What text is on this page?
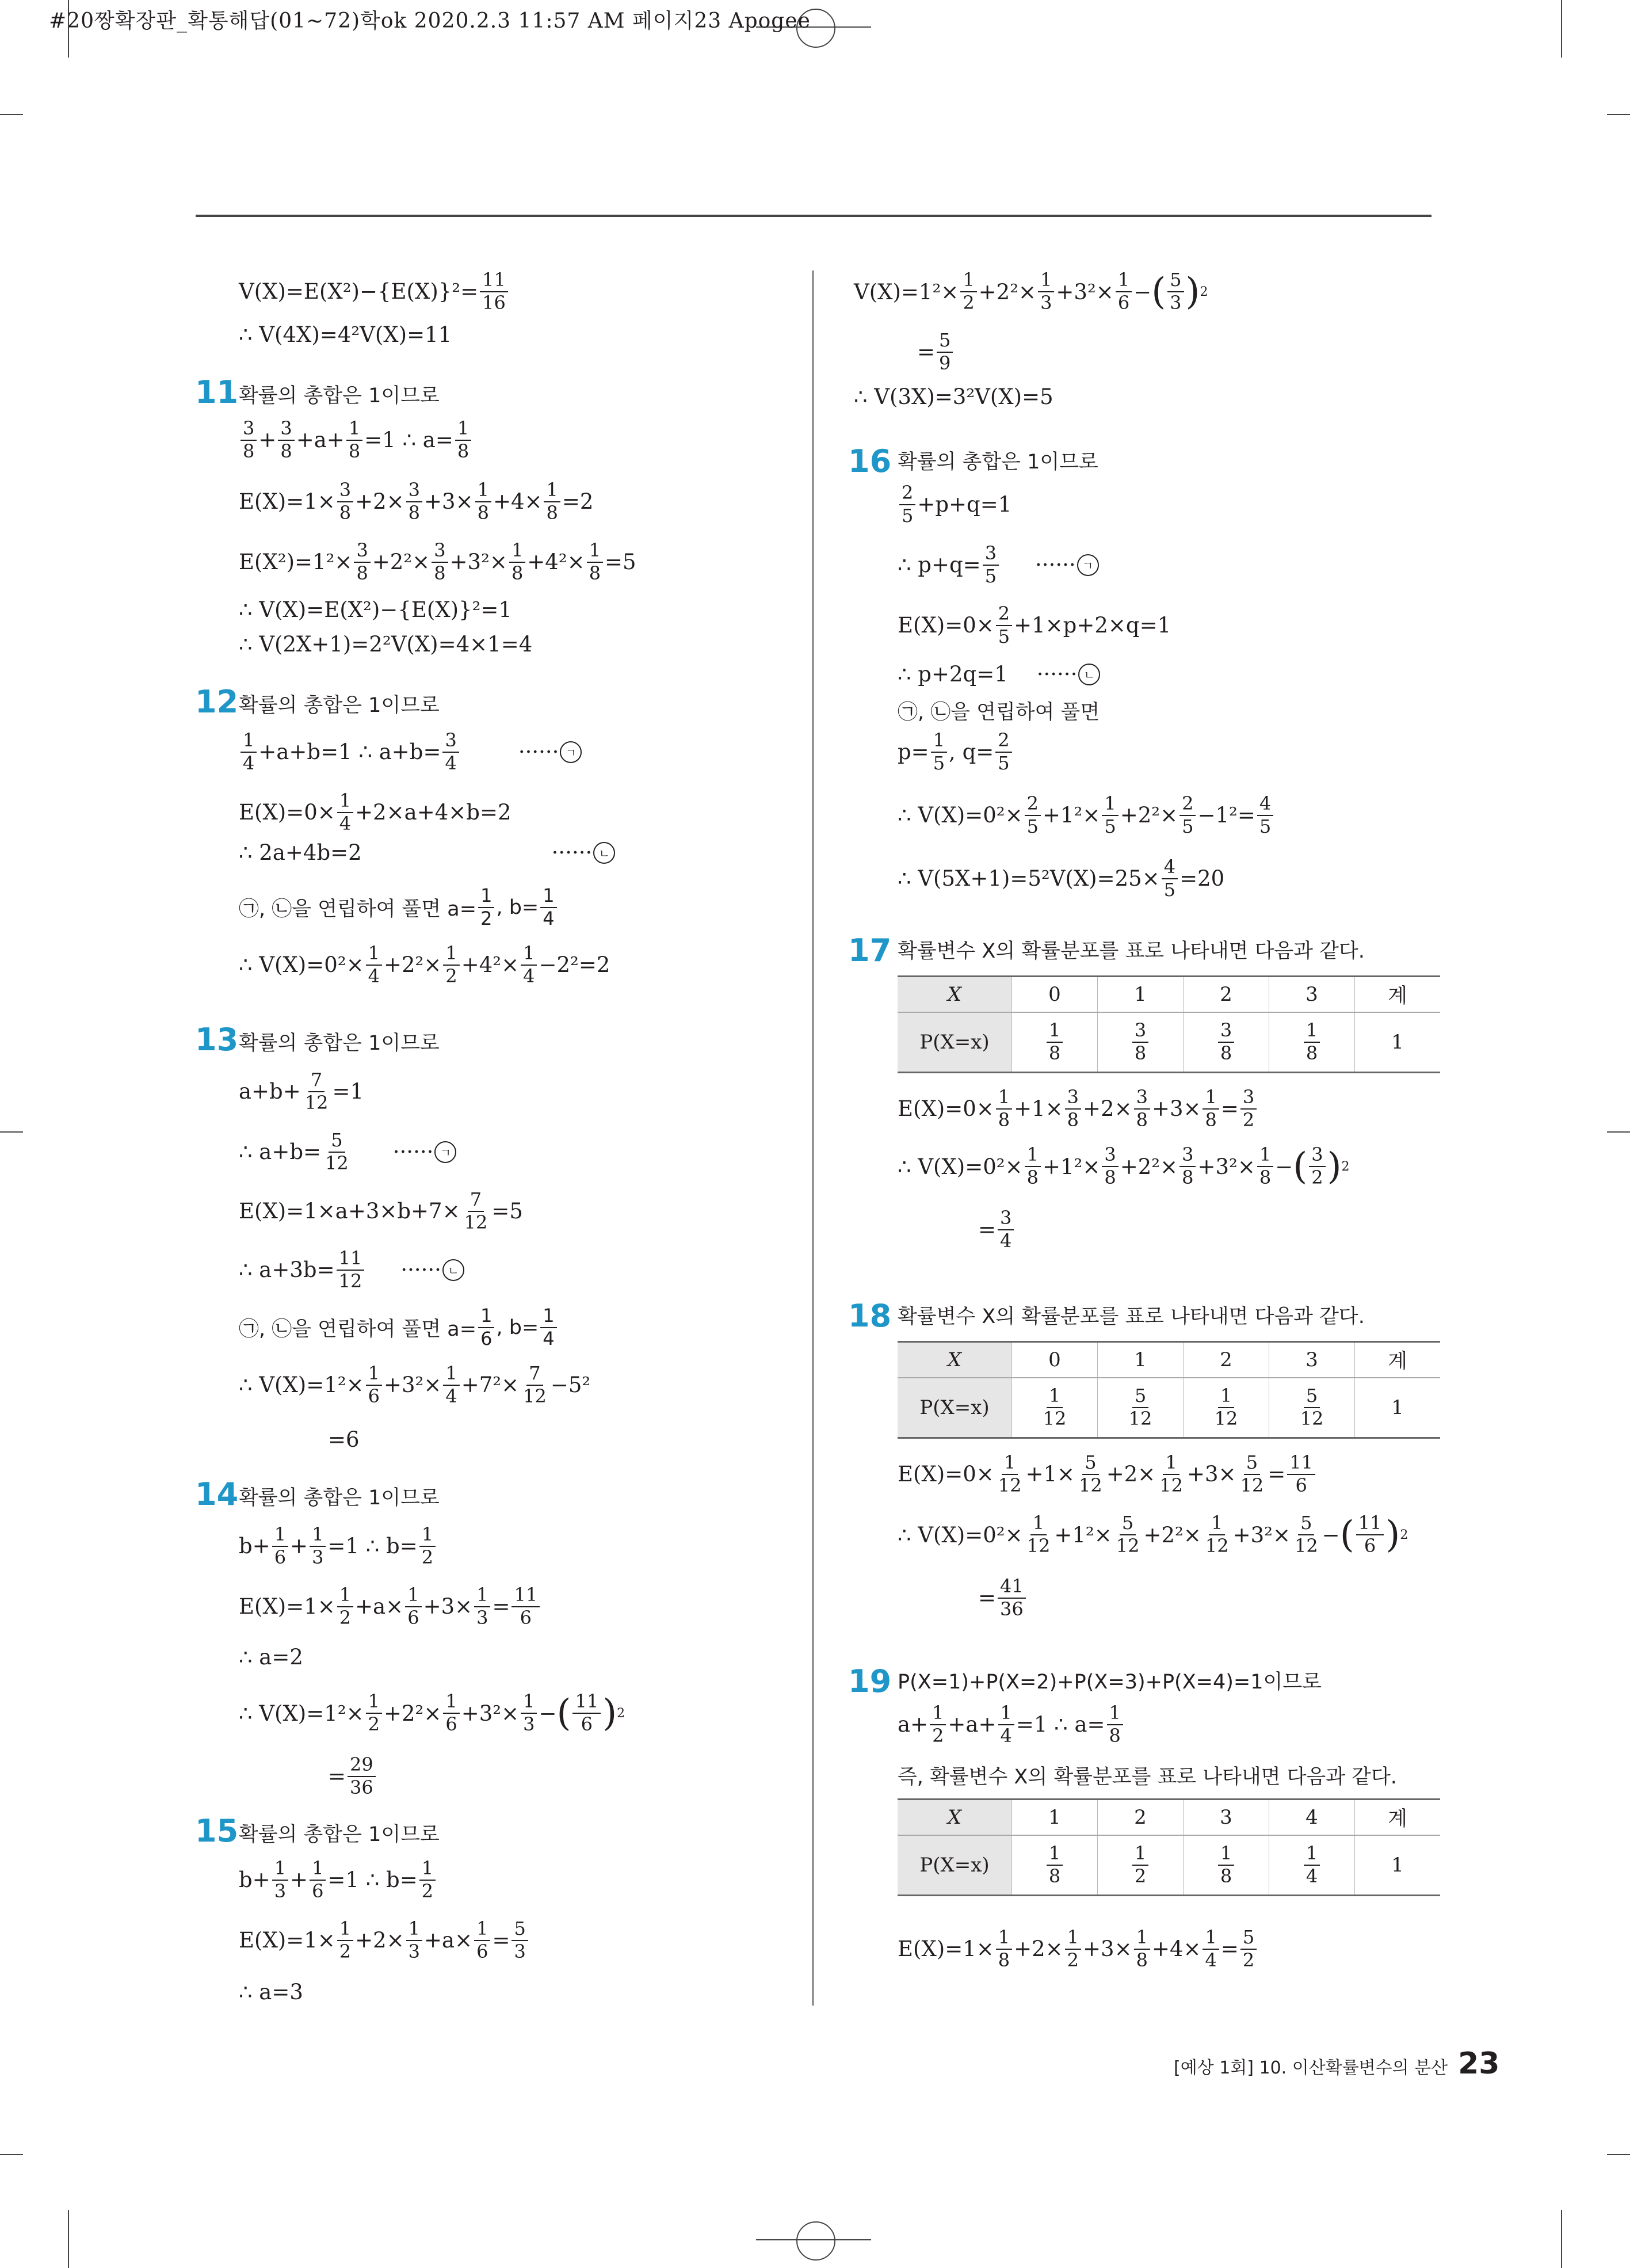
#20짱확장판_확통해답(01~72)학ok 2020.2.3 11:57 AM 페이지23 Apogee
$V(X)=E(X^2)-\{E(X)\}^2= \frac{11}{16}$
∴ V(4X)=4²V(X)=11
11 확률의 총합은 1이므로
3
8 + 3
$8 +a+ \frac{1}{8} =1$ ∴ $a= \frac{1}{8}$
$E(X)=1\times \frac{3}{8} +2\times 3$
8 +3× 1
8 +4× 1
8 =2
$E(X^2)=1^2\times \frac{3}{8} +2^2\times 3$
8 +3²× 1
$8 +4^2\times \frac{1}{8} =5$
∴ V(X)=E(X²)−{E(X)}²=1
∴ V(2X+1)=2²V(X)=4×1=4
12 확률의 총합은 1이므로
1
4 +a+b=1 ∴ $a+b= \frac{3}{4}$	······ ㄱ
$E(X)=0\times \frac{1}{4} +2\times a+4\times b=2$
∴ 2a+4b=2	······ ㄴ
㉠, ㉡을 연립하여 풀면 $a= \frac{1}{2}$ , b=
1
4
∴ $V(X)=0^2\times \frac{1}{4} +2^2\times 1$
2 +4²× 1
4 −2²=2
13 확률의 총합은 1이므로
$a+b+ \frac{7}{12} =1$
∴ $a+b= \frac{5}{12}$ ······ ㄱ
$E(X)=1\times a+3\times b+7\times \frac{7}{12} =5$
∴ $a+3b= \frac{11}{12}$ ······ ㄴ
㉠, ㉡을 연립하여 풀면 $a= \frac{1}{6}$ , b=
1
4
∴ $V(X)=1^2\times \frac{1}{6} +3^2\times 1$
4 +7²× 7
12 −5²
=6
14 확률의 총합은 1이므로
$b+ \frac{1}{6} + \frac{1}{3} =1$ ∴ $b= \frac{1}{2}$
$E(X)=1\times \frac{1}{2} +a\times 1$
6 +3× 1
3 = 11
6
∴ a=2
∴ $V(X)=1^2\times \frac{1}{2} +2^2\times 1$
6 +3²× 1
3 − ( 11
6 ) 2
= $\frac{29}{36}$
15 확률의 총합은 1이므로
$b+ \frac{1}{3} + \frac{1}{6} =1$ ∴ $b= \frac{1}{2}$
$E(X)=1\times \frac{1}{2} +2\times 1$
3 +a× 1
6 = 5
3
∴ a=3
$V(X)=1^2\times \frac{1}{2} +2^2\times 1$
3 +3²× 1
6 − ( 5
3 ) 2
= $\frac{5}{9}$
∴ V(3X)=3²V(X)=5
16 확률의 총합은 1이므로
2
5 +p+q=1
∴ $p+q= \frac{3}{5}$ ······ ㄱ
$E(X)=0\times \frac{2}{5} +1\times p+2\times q=1$
∴ p+2q=1 ······ ㄴ
㉠, ㉡을 연립하여 풀면
$p= \frac{1}{5}$ , q= 2
5
∴ $V(X)=0^2\times \frac{2}{5} +1^2\times 1$
5 +2²× 2
5 −1²= 4
5
∴ $V(5X+1)=5^2V(X)=25\times \frac{4}{5} =20$
17 확률변수 X의 확률분포를 표로 나타내면 다음과 같다.
X	0	1	2	3	계
P(X=x)	$\frac{1}{8}$	$\frac{3}{8}$	$\frac{3}{8}$	$\frac{1}{8}$	1
$E(X)=0\times \frac{1}{8} +1\times 3$
8 +2× 3
8 +3× 1
8 = 3
2
∴ $V(X)=0^2\times \frac{1}{8} +1^2\times 3$
8 +2²× 3
8 +3²× 1
8 − ( 3
2 ) 2
= $\frac{3}{4}$
18 확률변수 X의 확률분포를 표로 나타내면 다음과 같다.
X	0	1	2	3	계
P(X=x)	$\frac{1}{12}$	$\frac{5}{12}$	$\frac{1}{12}$	$\frac{5}{12}$	1
$E(X)=0\times \frac{1}{12} +1\times 5$
12 +2× 1
12 +3× 5
12 = 11
6
∴ $V(X)=0^2\times \frac{1}{12} +1^2\times 5$
12 +2²× 1
12 +3²× 5
12 − ( 11
6 ) 2
= $\frac{41}{36}$
19 P(X=1)+P(X=2)+P(X=3)+P(X=4)=1이므로
$a+ \frac{1}{2} +a+ \frac{1}{4} =1$ ∴ $a= \frac{1}{8}$
즉, 확률변수 X의 확률분포를 표로 나타내면 다음과 같다.
X	1	2	3	4	계
P(X=x)	$\frac{1}{8}$	$\frac{1}{2}$	$\frac{1}{8}$	$\frac{1}{4}$	1
$E(X)=1\times \frac{1}{8} +2\times 1$
2 +3× 1
8 +4× 1
4 = 5
2
[예상 1회] 10. 이산확률변수의 분산 23
